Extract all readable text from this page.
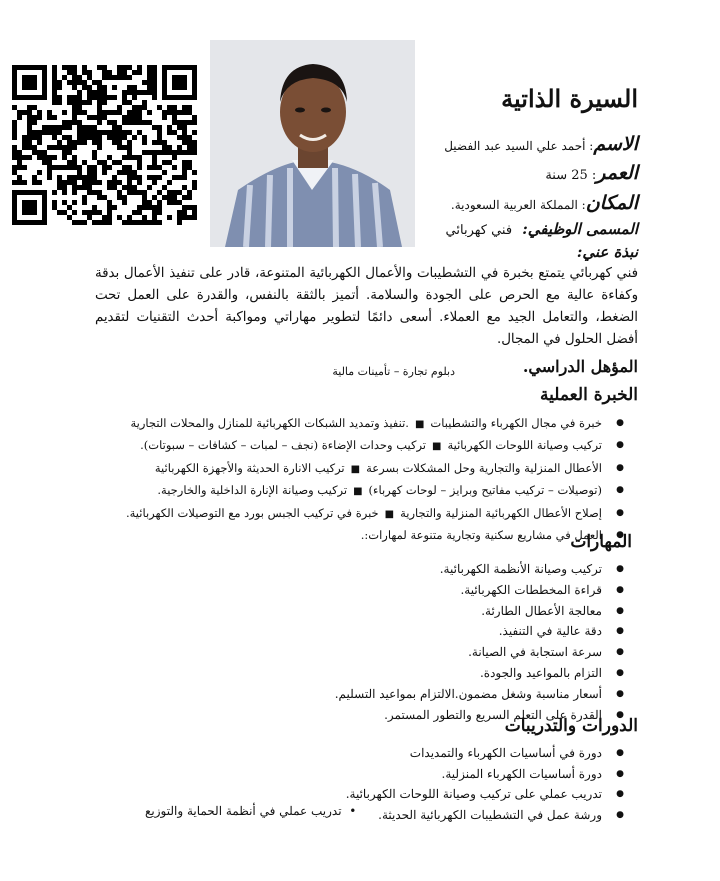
السيرة الذاتية
الاسم: أحمد علي السيد عبد الفضيل
العمر: 25 سنة
المكان: المملكة العربية السعودية.
المسمى الوظيفي:  فني كهربائي
نبذة عني:
فني كهربائي يتمتع بخبرة في التشطيبات والأعمال الكهربائية المتنوعة، قادر على تنفيذ الأعمال بدقة وكفاءة عالية مع الحرص على الجودة والسلامة. أتميز بالثقة بالنفس، والقدرة على العمل تحت الضغط، والتعامل الجيد مع العملاء. أسعى دائمًا لتطوير مهاراتي ومواكبة أحدث التقنيات لتقديم أفضل الحلول في المجال.
المؤهل الدراسي.
دبلوم تجارة – تأمينات مالية
الخبرة العملية
● خبرة في مجال الكهرباء والتشطيبات■.تنفيذ وتمديد الشبكات الكهربائية للمنازل والمحلات التجارية
● تركيب وصيانة اللوحات الكهربائية■تركيب وحدات الإضاءة (نجف – لمبات – كشافات – سبوتات).
● الأعطال المنزلية والتجارية وحل المشكلات بسرعة■تركيب الانارة الحديثة والأجهزة الكهربائية
● (توصيلات – تركيب مفاتيح وبرايز – لوحات كهرباء)■تركيب وصيانة الإنارة الداخلية والخارجية.
● إصلاح الأعطال الكهربائية المنزلية والتجارية■خبرة في تركيب الجبس بورد مع التوصيلات الكهربائية.
● العمل في مشاريع سكنية وتجارية متنوعة لمهارات:.
المهارات
● تركيب وصيانة الأنظمة الكهربائية.
● قراءة المخططات الكهربائية.
● معالجة الأعطال الطارئة.
● دقة عالية في التنفيذ.
● سرعة استجابة في الصيانة.
● التزام بالمواعيد والجودة.
● أسعار مناسبة وشغل مضمون.الالتزام بمواعيد التسليم.
● القدرة على التعلم السريع والتطور المستمر.
الدورات والتدريبات
● دورة في أساسيات الكهرباء والتمديدات
● دورة أساسيات الكهرباء المنزلية.
● تدريب عملي على تركيب وصيانة اللوحات الكهربائية.
● ورشة عمل في التشطيبات الكهربائية الحديثة.
•  تدريب عملي في أنظمة الحماية والتوزيع
